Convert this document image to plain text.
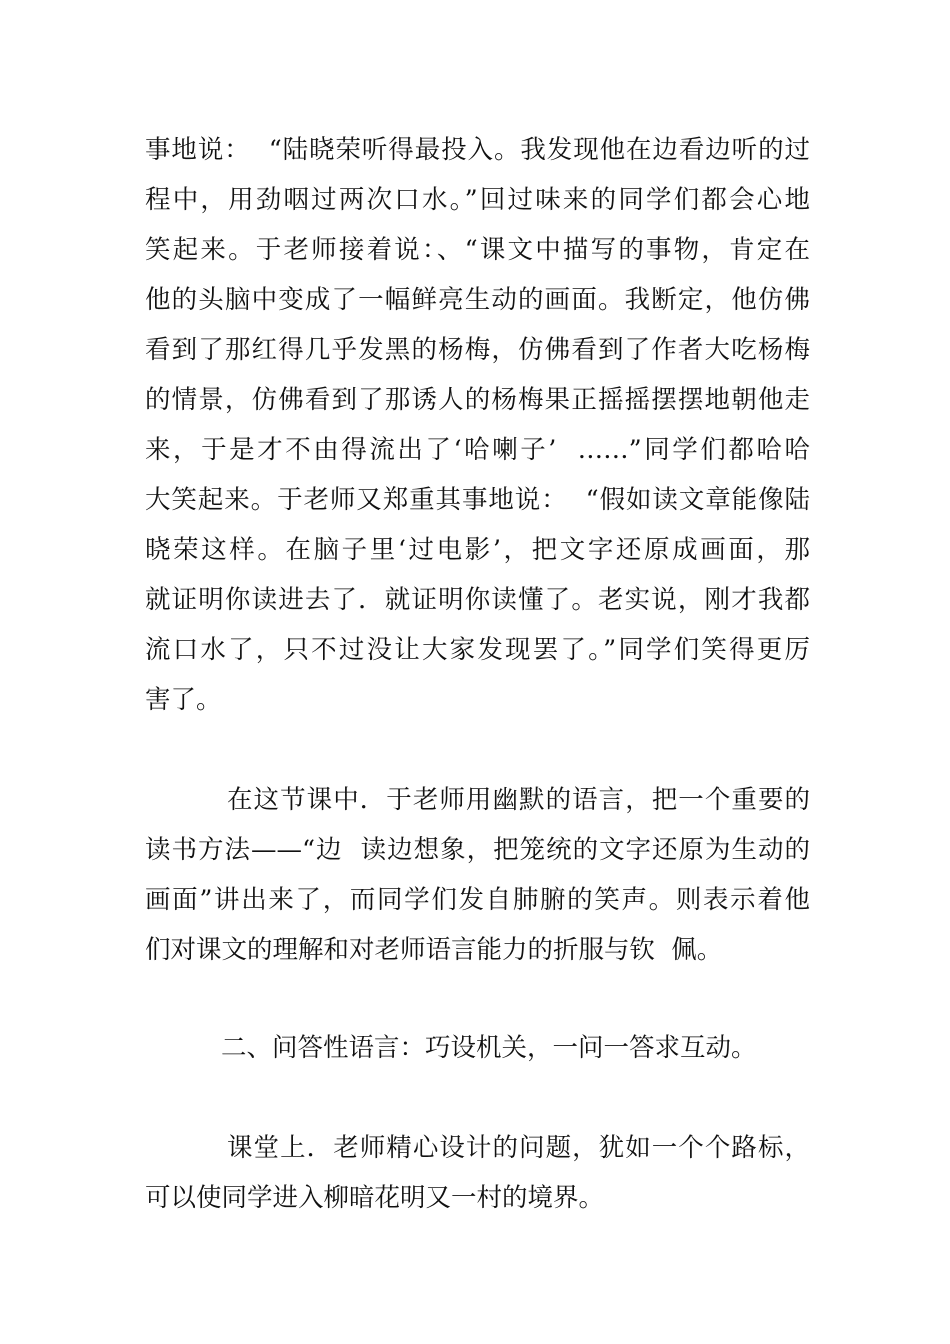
事地说：  “陆晓荣听得最投入。我发现他在边看边听的过
程中，用劲咽过两次口水。”回过味来的同学们都会心地
笑起来。于老师接着说：、“课文中描写的事物，肯定在
他的头脑中变成了一幅鲜亮生动的画面。我断定，他仿佛
看到了那红得几乎发黑的杨梅，仿佛看到了作者大吃杨梅
的情景，仿佛看到了那诱人的杨梅果正摇摇摆摆地朝他走
来，于是才不由得流出了‘哈喇子’  ……”同学们都哈哈
大笑起来。于老师又郑重其事地说：  “假如读文章能像陆
晓荣这样。在脑子里‘过电影’，把文字还原成画面，那
就证明你读进去了．就证明你读懂了。老实说，刚才我都
流口水了，只不过没让大家发现罢了。”同学们笑得更厉
害了。
在这节课中．于老师用幽默的语言，把一个重要的
读书方法——“边  读边想象，把笼统的文字还原为生动的
画面”讲出来了，而同学们发自肺腑的笑声。则表示着他
们对课文的理解和对老师语言能力的折服与钦  佩。
二、问答性语言：巧设机关，一问一答求互动。
课堂上．老师精心设计的问题，犹如一个个路标，
可以使同学进入柳暗花明又一村的境界。
